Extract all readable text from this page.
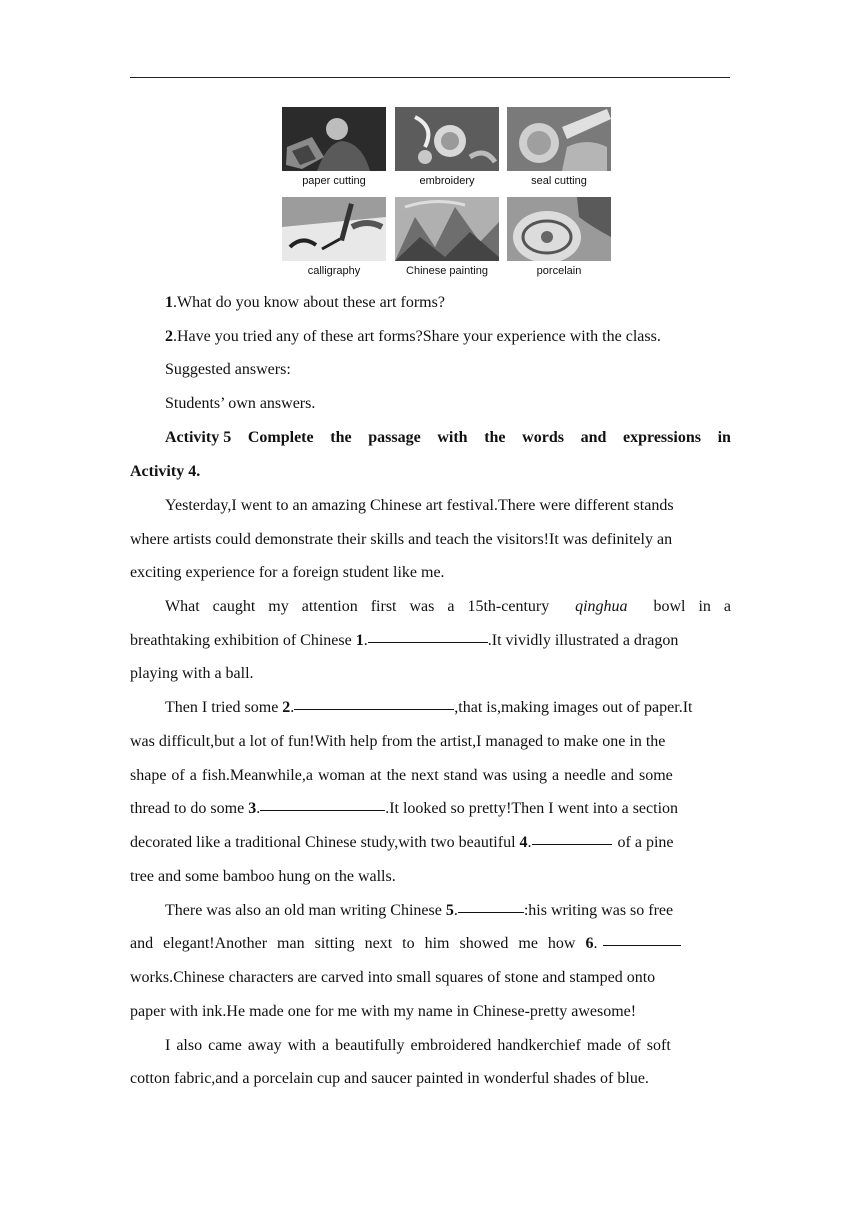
paper cutting	embroidery	seal cutting
calligraphy	Chinese painting	porcelain
1.What do you know about these art forms?
2.Have you tried any of these art forms?Share your experience with the class.
Suggested answers:
Students’ own answers.
Activity 5 Complete the passage with the words and expressions in
Activity 4.
Yesterday,I went to an amazing Chinese art festival.There were different stands
where artists could demonstrate their skills and teach the visitors!It was definitely an
exciting experience for a foreign student like me.
What caught my attention first was a 15th-century qinghua bowl in a
breathtaking exhibition of Chinese 1.	.It vividly illustrated a dragon
playing with a ball.
Then I tried some 2.	,that is,making images out of paper.It
was difficult,but a lot of fun!With help from the artist,I managed to make one in the
shape of a fish.Meanwhile,a woman at the next stand was using a needle and some
thread to do some 3.	.It looked so pretty!Then I went into a section
decorated like a traditional Chinese study,with two beautiful 4.	of a pine
tree and some bamboo hung on the walls.
There was also an old man writing Chinese 5.	:his writing was so free
and elegant!Another man sitting next to him showed me how 6.
works.Chinese characters are carved into small squares of stone and stamped onto
paper with ink.He made one for me with my name in Chinese-pretty awesome!
I also came away with a beautifully embroidered handkerchief made of soft
cotton fabric,and a porcelain cup and saucer painted in wonderful shades of blue.
